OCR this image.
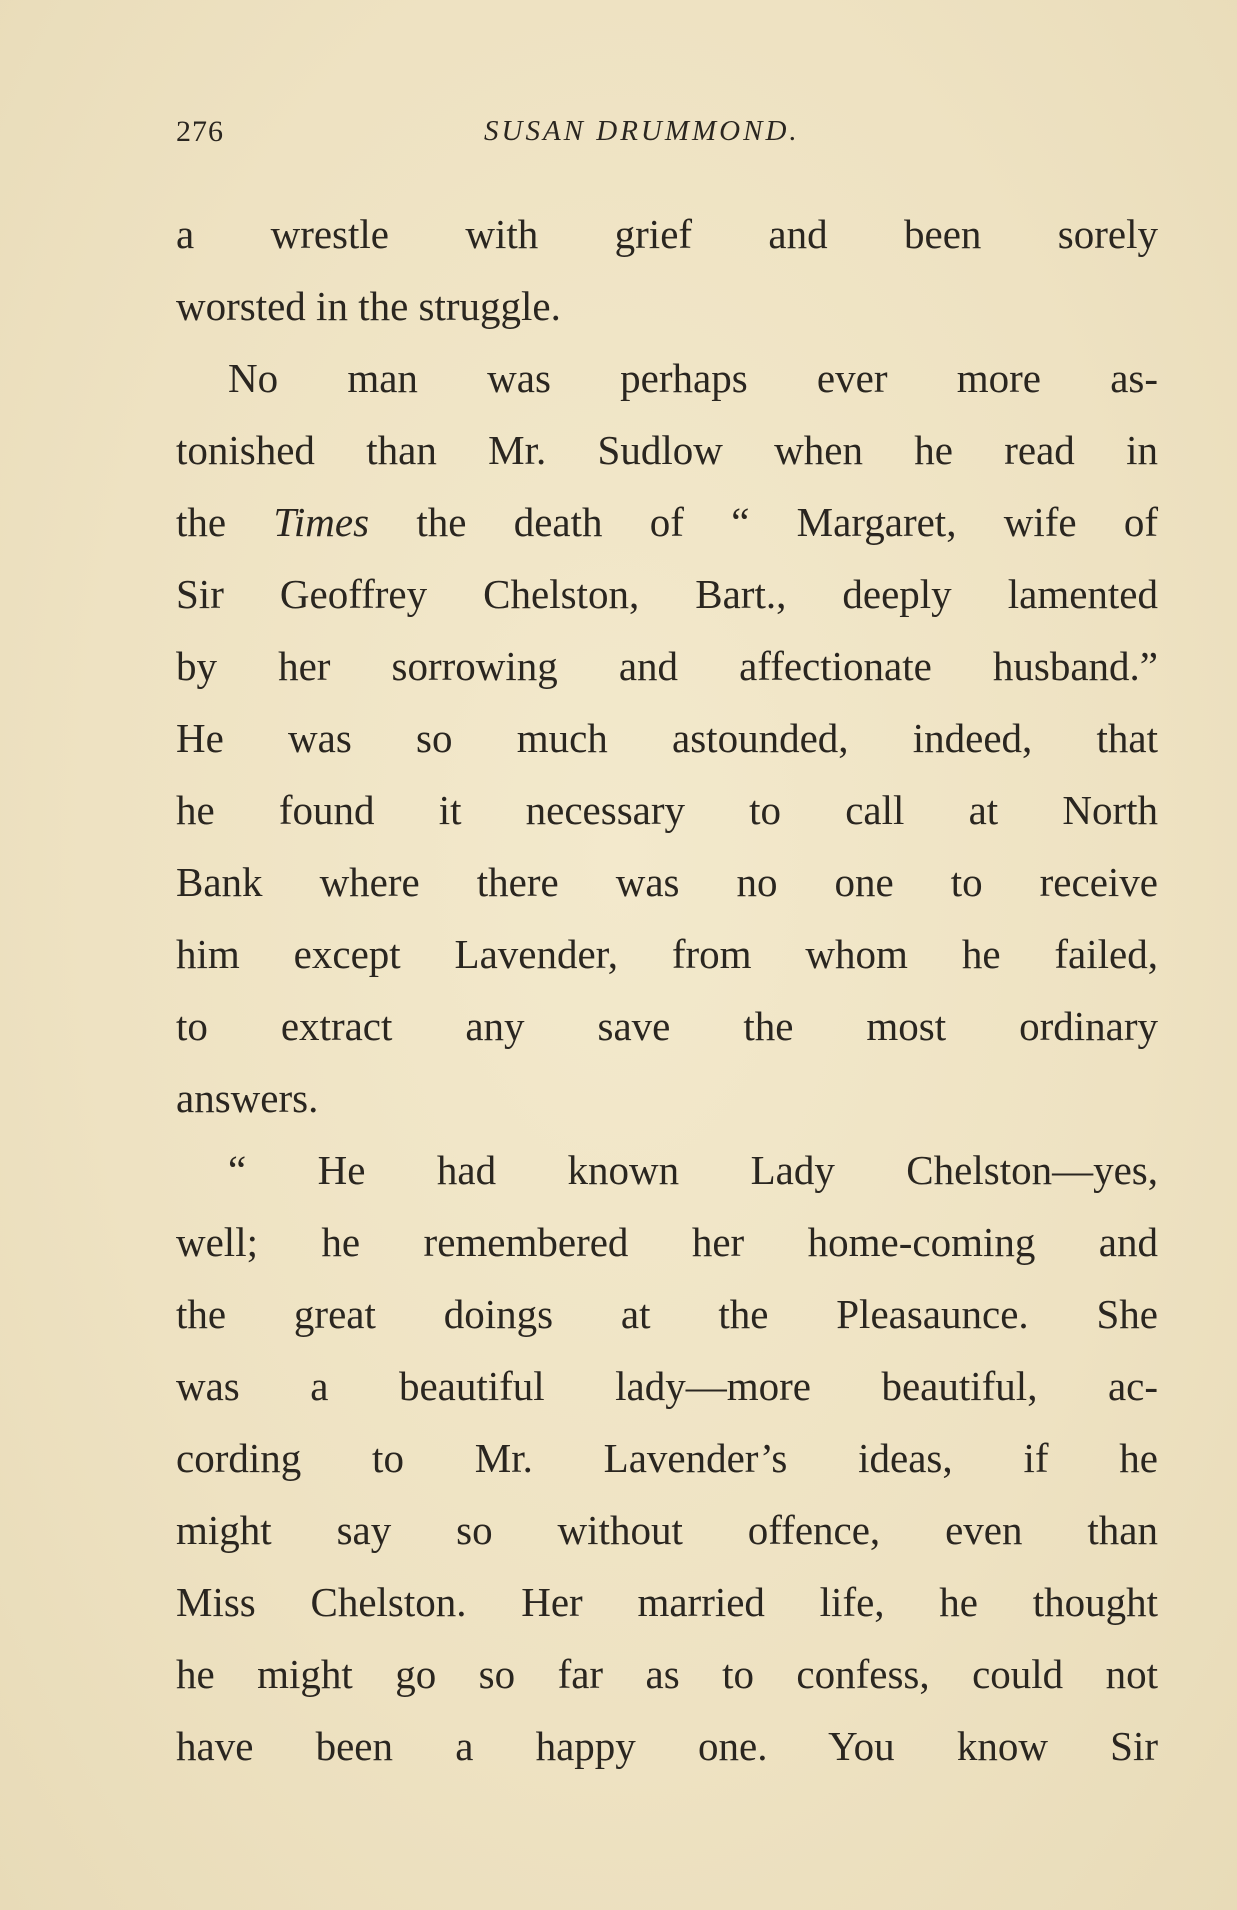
276	SUSAN DRUMMOND.
a wrestle with grief and been sorely
worsted in the struggle.
No man was perhaps ever more as-
tonished than Mr. Sudlow when he read in
the Times the death of “ Margaret, wife of
Sir Geoffrey Chelston, Bart., deeply lamented
by her sorrowing and affectionate husband.”
He was so much astounded, indeed, that
he found it necessary to call at North
Bank where there was no one to receive
him except Lavender, from whom he failed,
to extract any save the most ordinary
answers.
“ He had known Lady Chelston—yes,
well; he remembered her home-coming and
the great doings at the Pleasaunce. She
was a beautiful lady—more beautiful, ac-
cording to Mr. Lavender’s ideas, if he
might say so without offence, even than
Miss Chelston. Her married life, he thought
he might go so far as to confess, could not
have been a happy one. You know Sir
